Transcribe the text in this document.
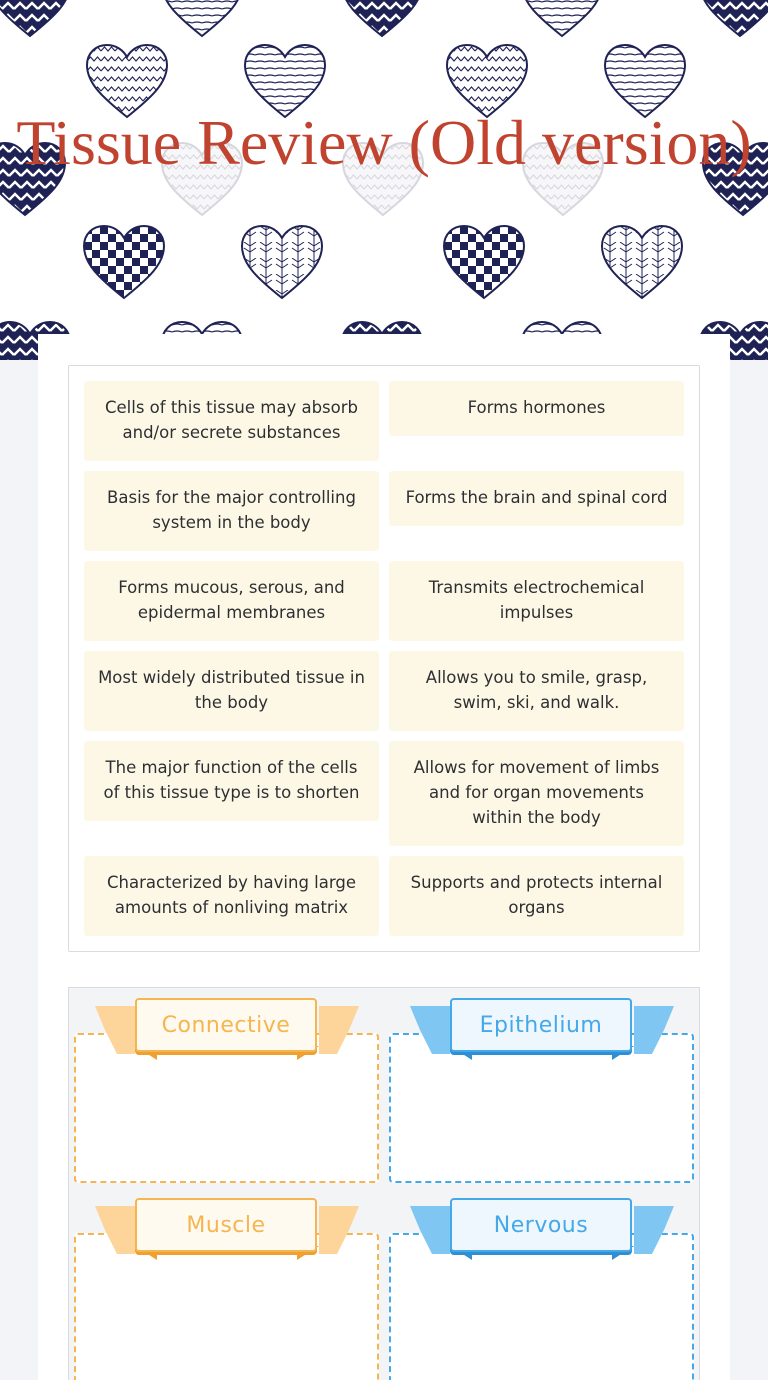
Tissue Review (Old version)
Cells of this tissue may absorb and/or secrete substances
Forms hormones
Basis for the major controlling system in the body
Forms the brain and spinal cord
Forms mucous, serous, and epidermal membranes
Transmits electrochemical impulses
Most widely distributed tissue in the body
Allows you to smile, grasp, swim, ski, and walk.
The major function of the cells of this tissue type is to shorten
Allows for movement of limbs and for organ movements within the body
Characterized by having large amounts of nonliving matrix
Supports and protects internal organs
Connective	Epithelium
Muscle	Nervous
